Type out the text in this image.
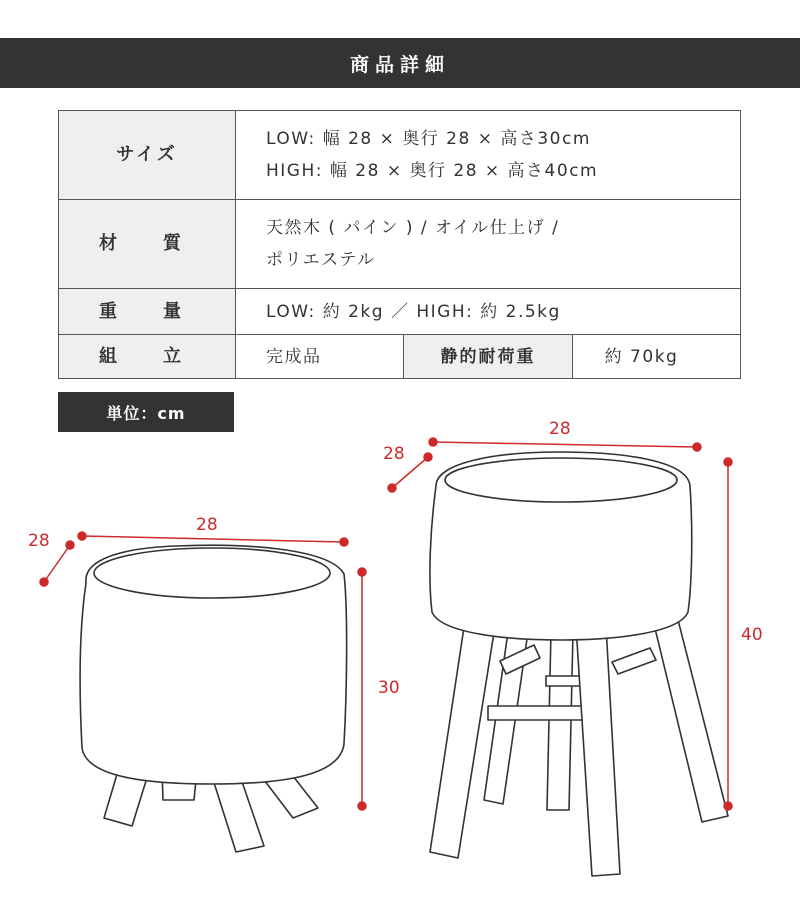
商品詳細
サイズ	LOW: 幅 28 × 奥行 28 × 高さ30cm
HIGH: 幅 28 × 奥行 28 × 高さ40cm		

材　質	天然木 ( パイン ) / オイル仕上げ /
ポリエステル		

重　量	LOW: 約 2kg ／ HIGH: 約 2.5kg		
組　立	完成品	静的耐荷重	約 70kg
単位：cm
28
28
30
28
28
40
